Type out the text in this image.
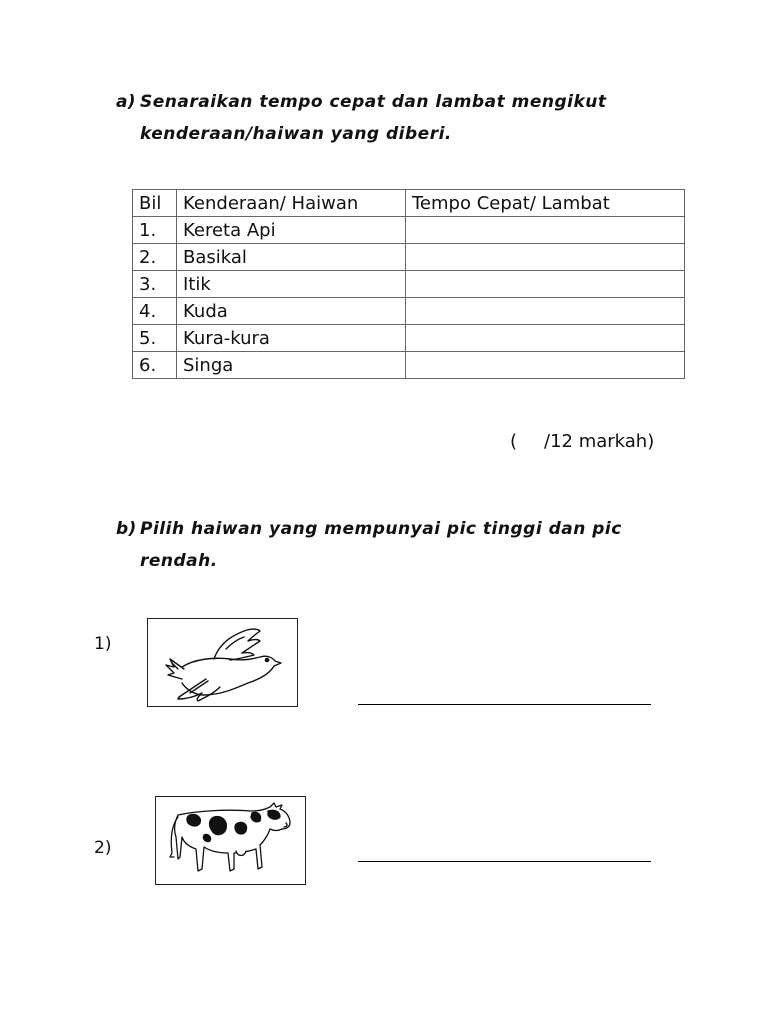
a) Senaraikan tempo cepat dan lambat mengikut
kenderaan/haiwan yang diberi.
Bil	Kenderaan/ Haiwan	Tempo Cepat/ Lambat
1.	Kereta Api	
2.	Basikal	
3.	Itik	
4.	Kuda	
5.	Kura-kura	
6.	Singa	
( /12 markah)
b) Pilih haiwan yang mempunyai pic tinggi dan pic
rendah.
1)
2)
